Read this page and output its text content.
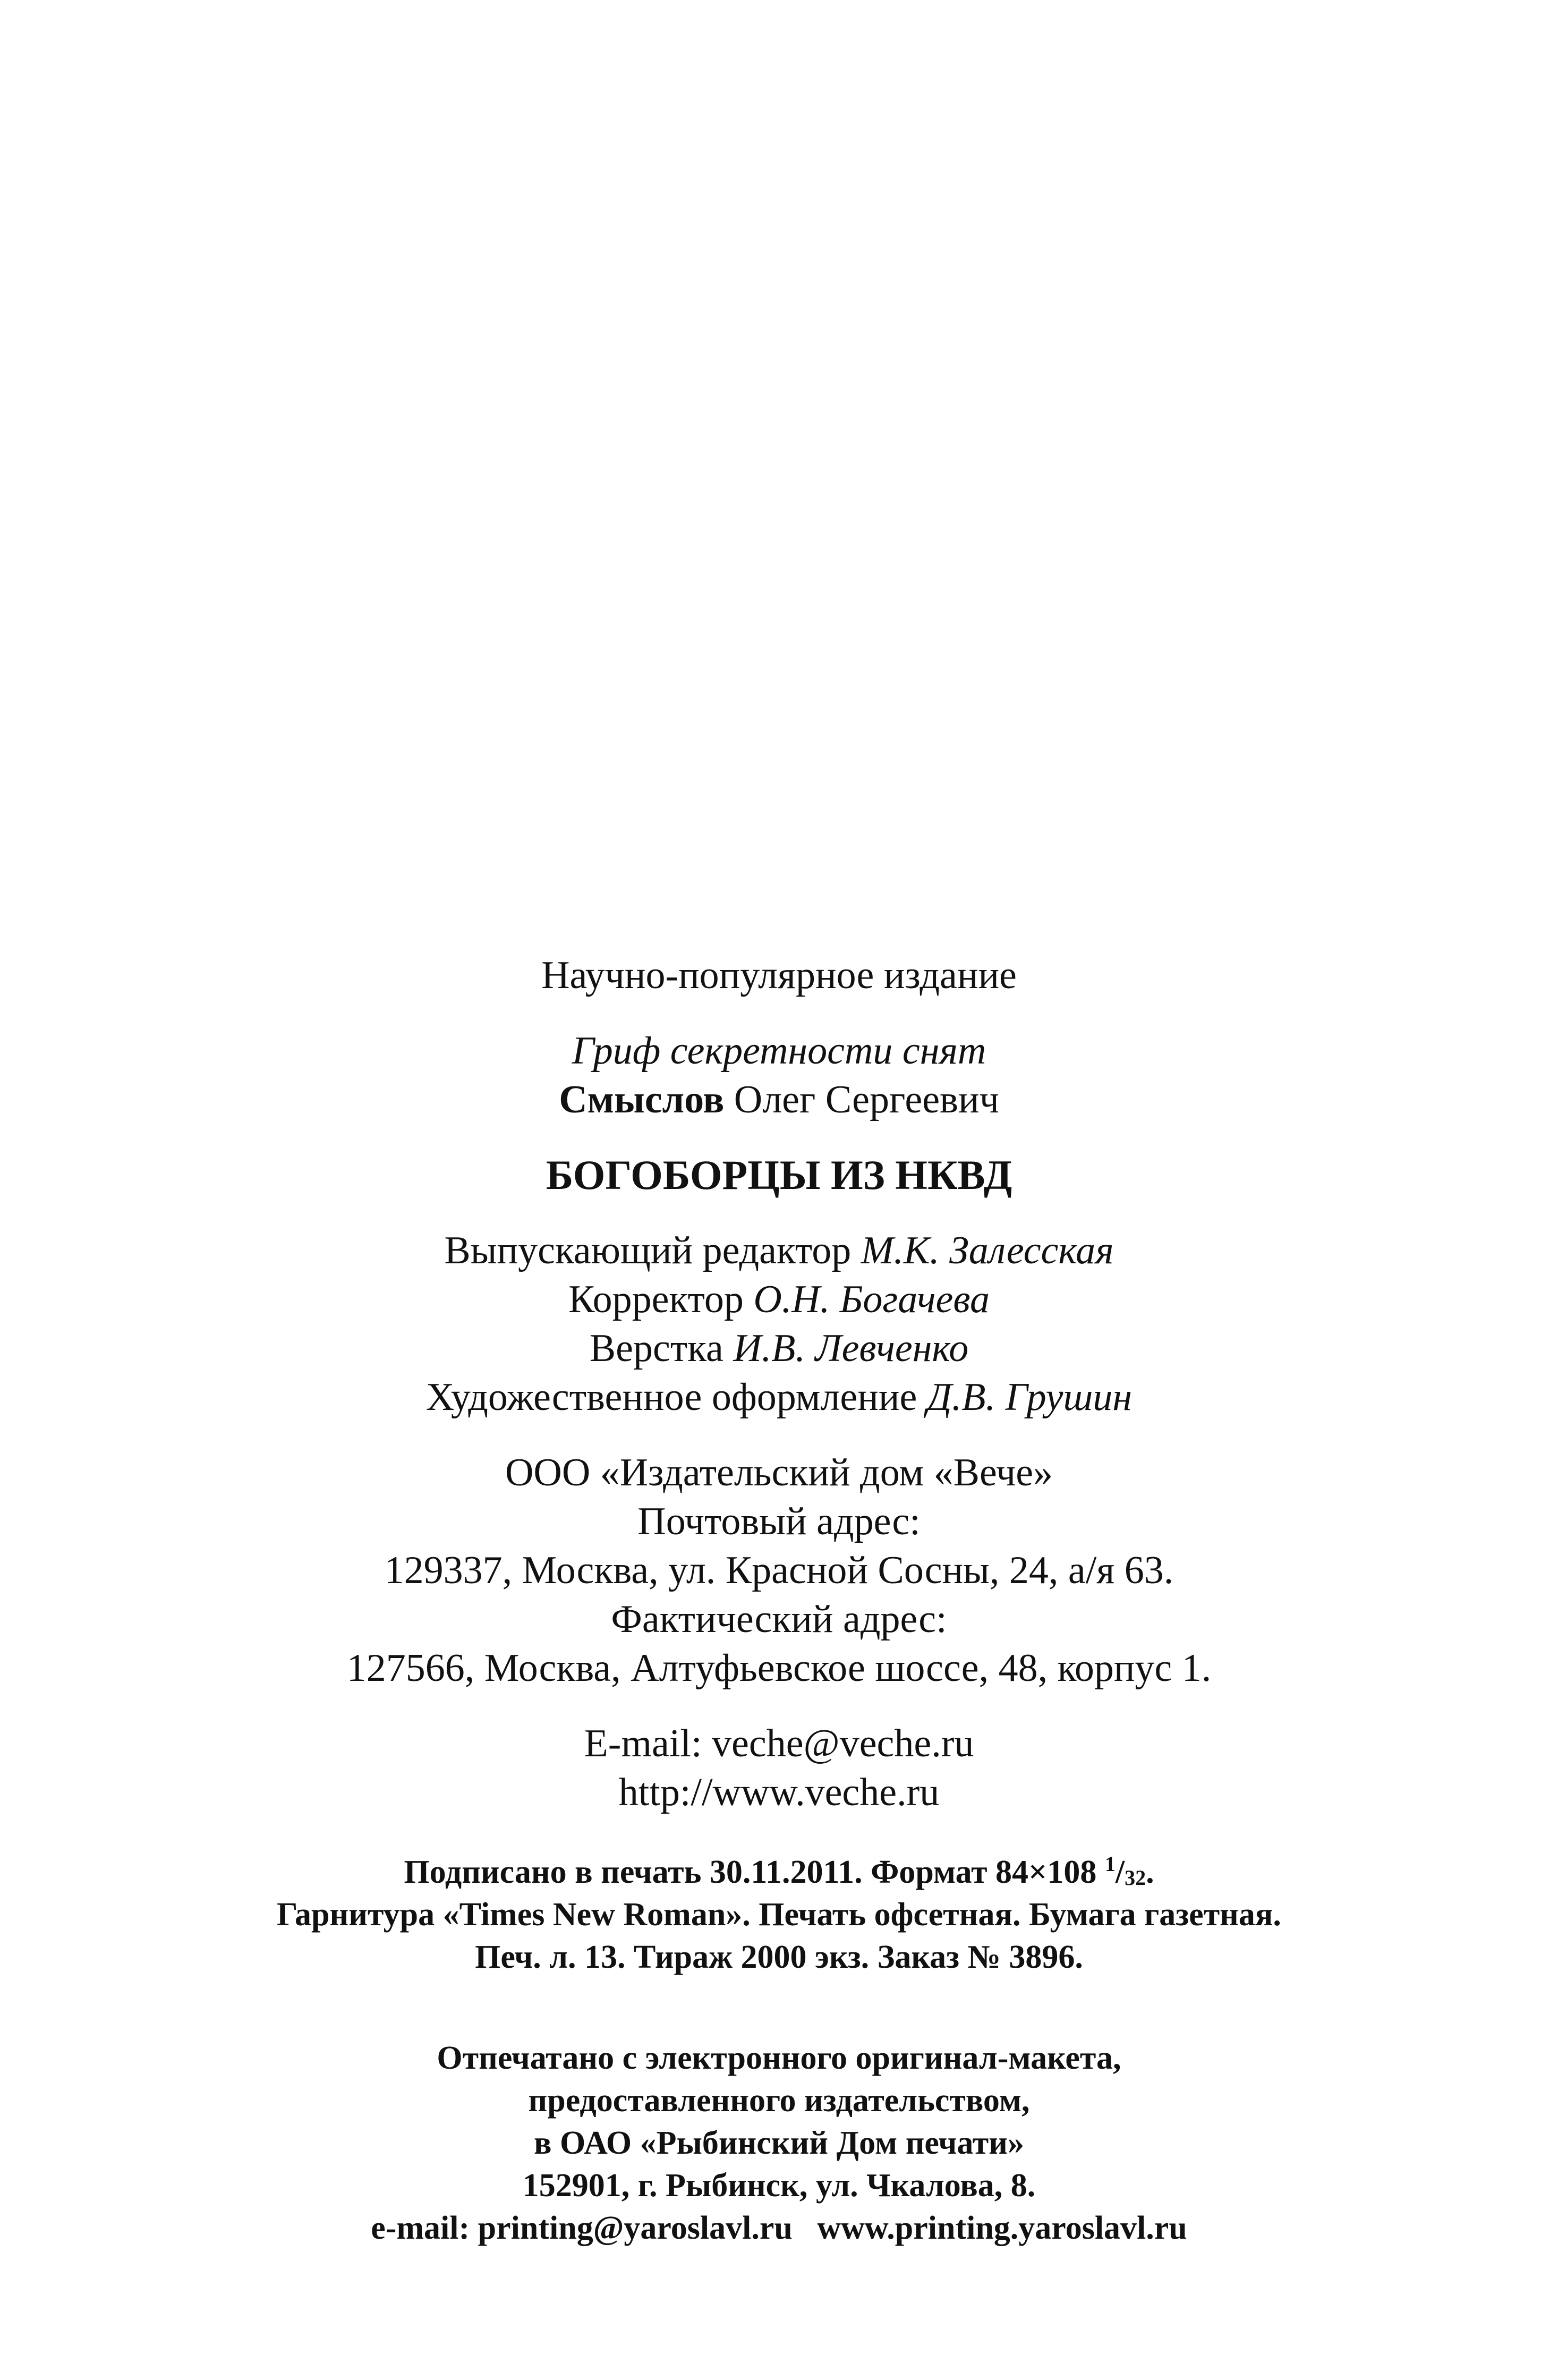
Научно-популярное издание
Гриф секретности снят
Смыслов Олег Сергеевич
БОГОБОРЦЫ ИЗ НКВД
Выпускающий редактор М.К. Залесская
Корректор О.Н. Богачева
Верстка И.В. Левченко
Художественное оформление Д.В. Грушин
ООО «Издательский дом «Вече»
Почтовый адрес:
129337, Москва, ул. Красной Сосны, 24, а/я 63.
Фактический адрес:
127566, Москва, Алтуфьевское шоссе, 48, корпус 1.
E-mail: veche@veche.ru
http://www.veche.ru
Подписано в печать 30.11.2011. Формат 84×108 $^1/_{32}$.
Гарнитура «Times New Roman». Печать офсетная. Бумага газетная.
Печ. л. 13. Тираж 2000 экз. Заказ № 3896.
Отпечатано с электронного оригинал-макета,
предоставленного издательством,
в ОАО «Рыбинский Дом печати»
152901, г. Рыбинск, ул. Чкалова, 8.
e-mail: printing@yaroslavl.ru   www.printing.yaroslavl.ru
